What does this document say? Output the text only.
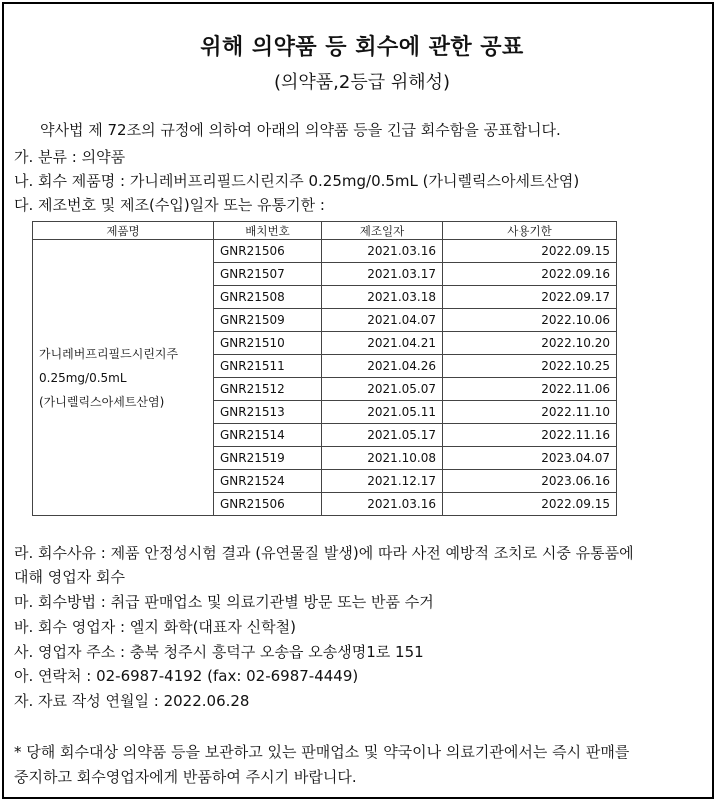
위해 의약품 등 회수에 관한 공표
(의약품,2등급 위해성)
약사법 제 72조의 규정에 의하여 아래의 의약품 등을 긴급 회수함을 공표합니다.
가. 분류 : 의약품
나. 회수 제품명 : 가니레버프리필드시린지주 0.25mg/0.5mL (가니렐릭스아세트산염)
다. 제조번호 및 제조(수입)일자 또는 유통기한 :
제품명	배치번호	제조일자	사용기한

가니레버프리필드시린지주
0.25mg/0.5mL
(가니렐릭스아세트산염)	GNR21506	2021.03.16	2022.09.15
	GNR21507	2021.03.17	2022.09.16
	GNR21508	2021.03.18	2022.09.17
	GNR21509	2021.04.07	2022.10.06
	GNR21510	2021.04.21	2022.10.20
	GNR21511	2021.04.26	2022.10.25
	GNR21512	2021.05.07	2022.11.06
	GNR21513	2021.05.11	2022.11.10
	GNR21514	2021.05.17	2022.11.16
	GNR21519	2021.10.08	2023.04.07
	GNR21524	2021.12.17	2023.06.16
	GNR21506	2021.03.16	2022.09.15
라. 회수사유 : 제품 안정성시험 결과 (유연물질 발생)에 따라 사전 예방적 조치로 시중 유통품에
대해 영업자 회수
마. 회수방법 : 취급 판매업소 및 의료기관별 방문 또는 반품 수거
바. 회수 영업자 : 엘지 화학(대표자 신학철)
사. 영업자 주소 : 충북 청주시 흥덕구 오송읍 오송생명1로 151
아. 연락처 : 02-6987-4192 (fax: 02-6987-4449)
자. 자료 작성 연월일 : 2022.06.28
* 당해 회수대상 의약품 등을 보관하고 있는 판매업소 및 약국이나 의료기관에서는 즉시 판매를
중지하고 회수영업자에게 반품하여 주시기 바랍니다.
